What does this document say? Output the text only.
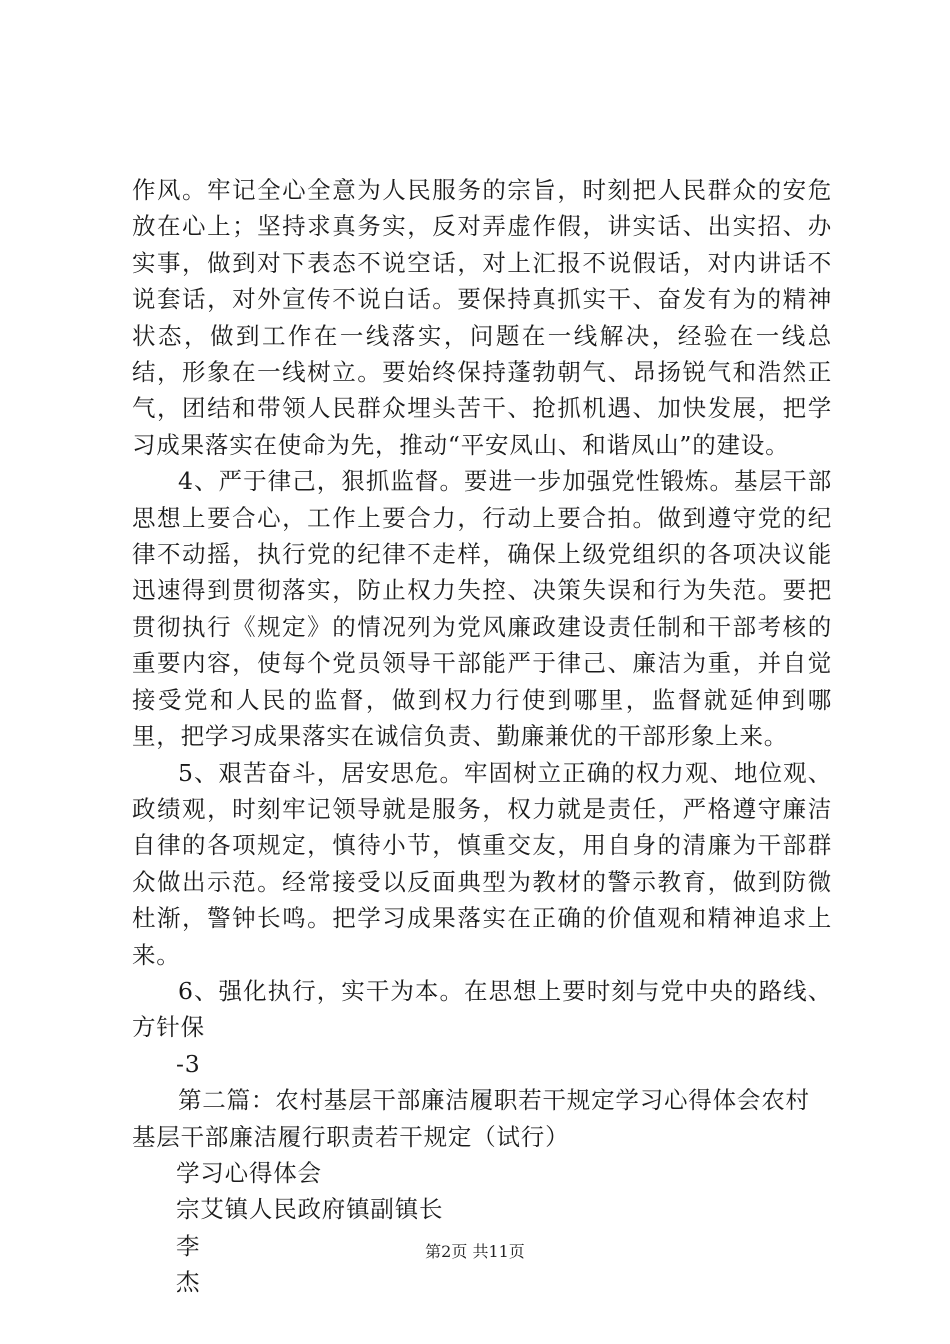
作风。牢记全心全意为人民服务的宗旨，时刻把人民群众的安危放在心上；坚持求真务实，反对弄虚作假，讲实话、出实招、办实事，做到对下表态不说空话，对上汇报不说假话，对内讲话不说套话，对外宣传不说白话。要保持真抓实干、奋发有为的精神状态，做到工作在一线落实，问题在一线解决，经验在一线总结，形象在一线树立。要始终保持蓬勃朝气、昂扬锐气和浩然正气，团结和带领人民群众埋头苦干、抢抓机遇、加快发展，把学习成果落实在使命为先，推动“平安凤山、和谐凤山”的建设。

4、严于律己，狠抓监督。要进一步加强党性锻炼。基层干部思想上要合心，工作上要合力，行动上要合拍。做到遵守党的纪律不动摇，执行党的纪律不走样，确保上级党组织的各项决议能迅速得到贯彻落实，防止权力失控、决策失误和行为失范。要把贯彻执行《规定》的情况列为党风廉政建设责任制和干部考核的重要内容，使每个党员领导干部能严于律己、廉洁为重，并自觉接受党和人民的监督，做到权力行使到哪里，监督就延伸到哪里，把学习成果落实在诚信负责、勤廉兼优的干部形象上来。

5、艰苦奋斗，居安思危。牢固树立正确的权力观、地位观、政绩观，时刻牢记领导就是服务，权力就是责任，严格遵守廉洁自律的各项规定，慎待小节，慎重交友，用自身的清廉为干部群众做出示范。经常接受以反面典型为教材的警示教育，做到防微杜渐，警钟长鸣。把学习成果落实在正确的价值观和精神追求上来。

6、强化执行，实干为本。在思想上要时刻与党中央的路线、方针保

-3

第二篇：农村基层干部廉洁履职若干规定学习心得体会农村基层干部廉洁履行职责若干规定（试行）

学习心得体会

宗艾镇人民政府镇副镇长

李

杰

第2页 共11页
